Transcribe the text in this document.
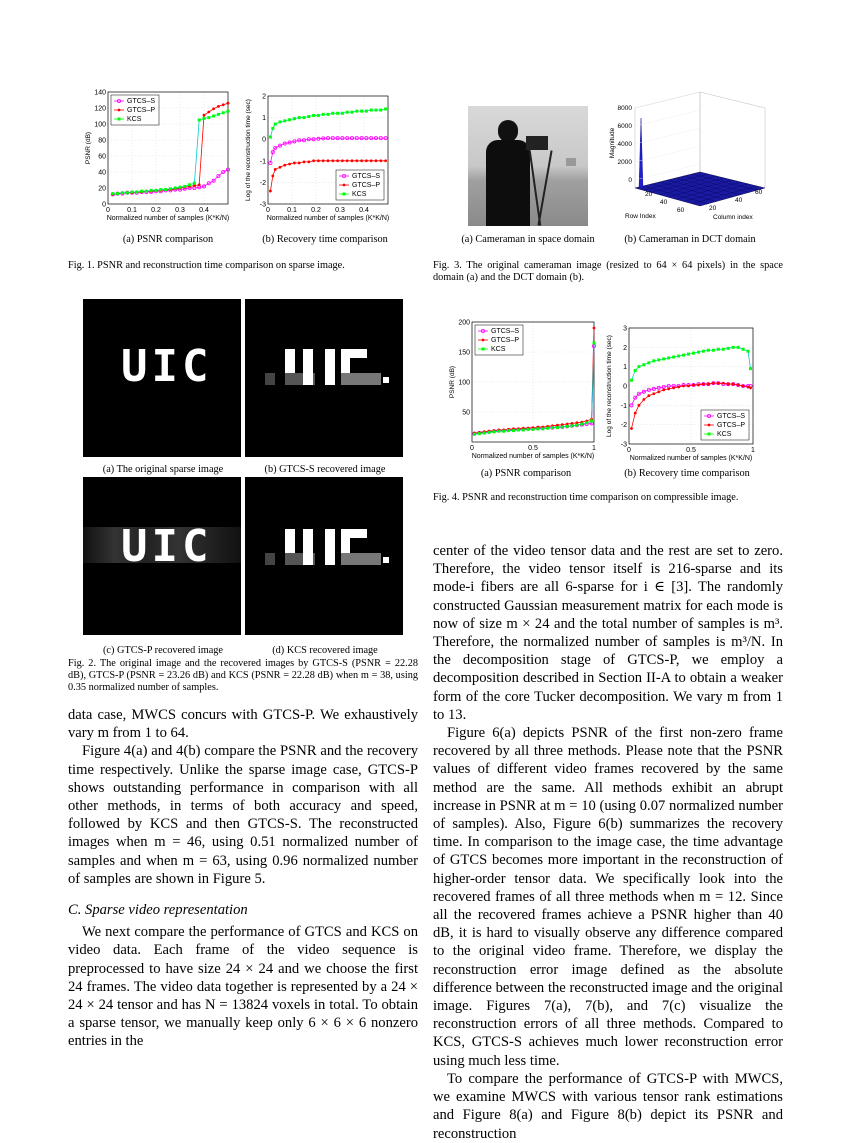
0
20
40
60
80
100
120
140
0 0.1 0.2 0.3 0.4
Normalized number of samples (K*K/N)
PSNR (dB)
GTCS–S
GTCS–P
KCS
-3
-2
-1
0
1
2
0 0.1 0.2 0.3 0.4
Normalized number of samples (K*K/N)
Log of the reconstruction time (sec)	GTCS–S
GTCS–P
KCS
(a) PSNR comparison	(b) Recovery time comparison
Fig. 1. PSNR and reconstruction time comparison on sparse image.
UIC
(a) The original sparse image	(b) GTCS-S recovered image
UIC
(c) GTCS-P recovered image	(d) KCS recovered image
Fig. 2. The original image and the recovered images by GTCS-S (PSNR = 22.28 dB), GTCS-P (PSNR = 23.26 dB) and KCS (PSNR = 22.28 dB) when m = 38, using 0.35 normalized number of samples.
0
2000
4000
6000
8000
Magnitude
20
40
60	20
40
60
Row Index	Column index
(a) Cameraman in space domain	(b) Cameraman in DCT domain
Fig. 3. The original cameraman image (resized to 64 × 64 pixels) in the space domain (a) and the DCT domain (b).
50
100
150
200
0	0.5	1
Normalized number of samples (K*K/N)
PSNR (dB)
GTCS–S
GTCS–P
KCS
-3
-2
-1
0
1
2
3
0	0.5	1
Normalized number of samples (K*K/N)
Log of the reconstruction time (sec)	GTCS–S
GTCS–P
KCS
(a) PSNR comparison	(b) Recovery time comparison
Fig. 4. PSNR and reconstruction time comparison on compressible image.

data case, MWCS concurs with GTCS-P. We exhaustively vary m from 1 to 64.

Figure 4(a) and 4(b) compare the PSNR and the recovery time respectively. Unlike the sparse image case, GTCS-P shows outstanding performance in comparison with all other methods, in terms of both accuracy and speed, followed by KCS and then GTCS-S. The reconstructed images when m = 46, using 0.51 normalized number of samples and when m = 63, using 0.96 normalized number of samples are shown in Figure 5.

C. Sparse video representation

We next compare the performance of GTCS and KCS on video data. Each frame of the video sequence is preprocessed to have size 24 × 24 and we choose the first 24 frames. The video data together is represented by a 24 × 24 × 24 tensor and has N = 13824 voxels in total. To obtain a sparse tensor, we manually keep only 6 × 6 × 6 nonzero entries in the

center of the video tensor data and the rest are set to zero. Therefore, the video tensor itself is 216-sparse and its mode-i fibers are all 6-sparse for i ∈ [3]. The randomly constructed Gaussian measurement matrix for each mode is now of size m × 24 and the total number of samples is m³. Therefore, the normalized number of samples is m³/N. In the decomposition stage of GTCS-P, we employ a decomposition described in Section II-A to obtain a weaker form of the core Tucker decomposition. We vary m from 1 to 13.

Figure 6(a) depicts PSNR of the first non-zero frame recovered by all three methods. Please note that the PSNR values of different video frames recovered by the same method are the same. All methods exhibit an abrupt increase in PSNR at m = 10 (using 0.07 normalized number of samples). Also, Figure 6(b) summarizes the recovery time. In comparison to the image case, the time advantage of GTCS becomes more important in the reconstruction of higher-order tensor data. We specifically look into the recovered frames of all three methods when m = 12. Since all the recovered frames achieve a PSNR higher than 40 dB, it is hard to visually observe any difference compared to the original video frame. Therefore, we display the reconstruction error image defined as the absolute difference between the reconstructed image and the original image. Figures 7(a), 7(b), and 7(c) visualize the reconstruction errors of all three methods. Compared to KCS, GTCS-S achieves much lower reconstruction error using much less time.

To compare the performance of GTCS-P with MWCS, we examine MWCS with various tensor rank estimations and Figure 8(a) and Figure 8(b) depict its PSNR and reconstruction
